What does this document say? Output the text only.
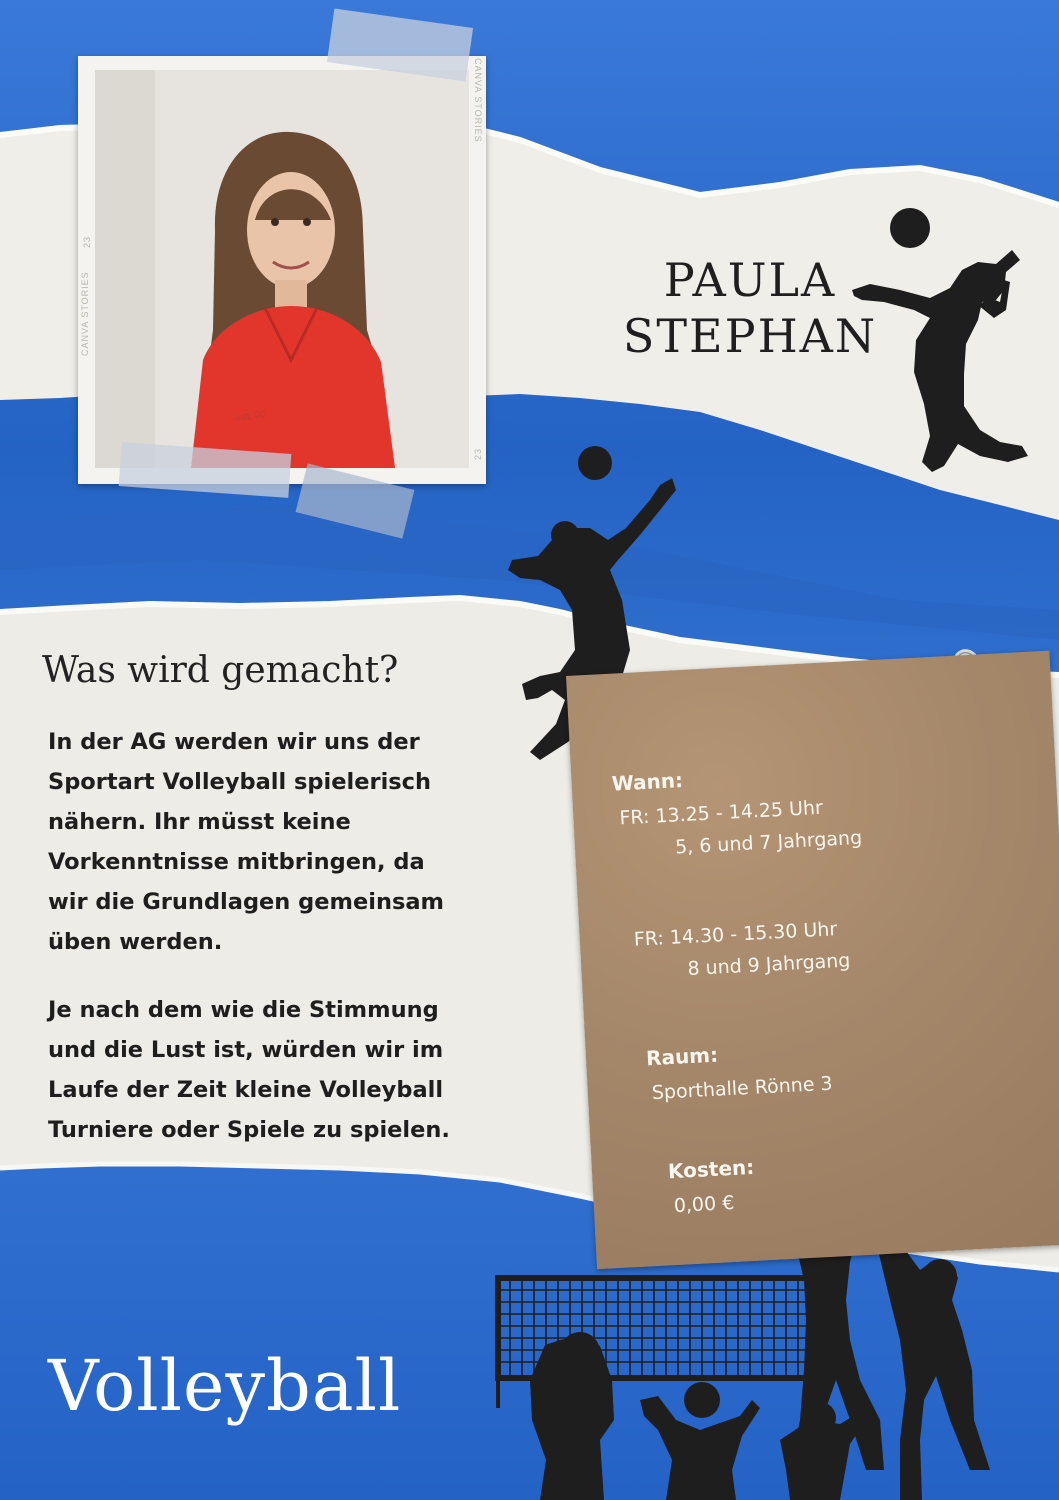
ﺔﺒ∞
CANVA STORIES
CANVA STORIES
23
23
PAULA
STEPHAN
Was wird gemacht?

In der AG werden wir uns der

Sportart Volleyball spielerisch

nähern. Ihr müsst keine

Vorkenntnisse mitbringen, da

wir die Grundlagen gemeinsam

üben werden.

Je nach dem wie die Stimmung

und die Lust ist, würden wir im

Laufe der Zeit kleine Volleyball

Turniere oder Spiele zu spielen.

Wann:
FR: 13.25 - 14.25 Uhr
5, 6 und 7 Jahrgang
FR: 14.30 - 15.30 Uhr
8 und 9 Jahrgang
Raum:
Sporthalle Rönne 3
Kosten:
0,00 €
Volleyball
